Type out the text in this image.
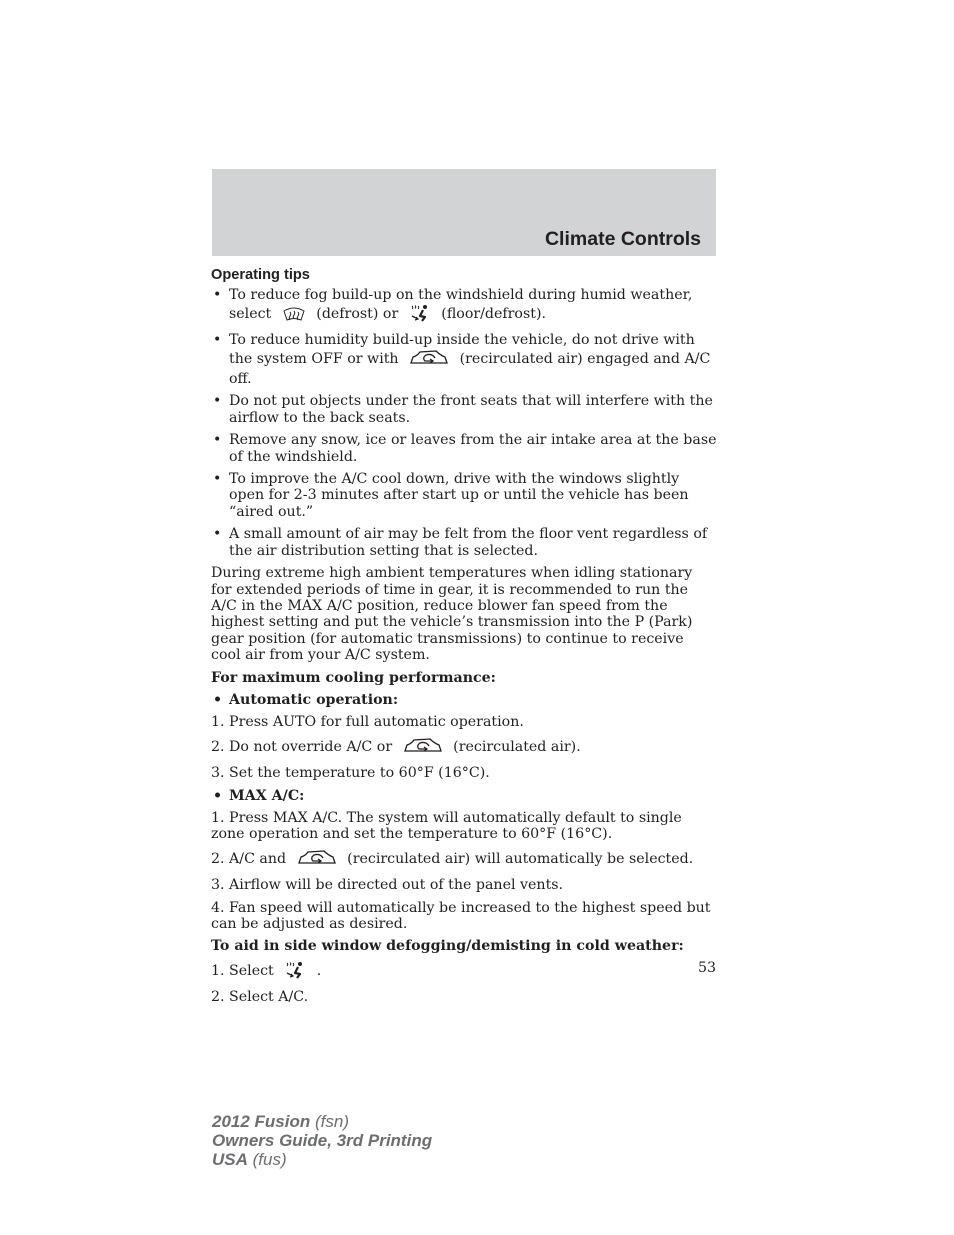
Climate Controls
Operating tips
• To reduce fog build-up on the windshield during humid weather, select	(defrost) or	(floor/defrost).
• To reduce humidity build-up inside the vehicle, do not drive with the system OFF or with	(recirculated air) engaged and A/C off.
• Do not put objects under the front seats that will interfere with the airflow to the back seats.
• Remove any snow, ice or leaves from the air intake area at the base of the windshield.
• To improve the A/C cool down, drive with the windows slightly open for 2-3 minutes after start up or until the vehicle has been “aired out.”
• A small amount of air may be felt from the floor vent regardless of the air distribution setting that is selected.

During extreme high ambient temperatures when idling stationary for extended periods of time in gear, it is recommended to run the A/C in the MAX A/C position, reduce blower fan speed from the highest setting and put the vehicle’s transmission into the P (Park) gear position (for automatic transmissions) to continue to receive cool air from your A/C system.

For maximum cooling performance:

• Automatic operation:

1. Press AUTO for full automatic operation.

2. Do not override A/C or	(recirculated air).

3. Set the temperature to 60°F (16°C).

• MAX A/C:

1. Press MAX A/C. The system will automatically default to single zone operation and set the temperature to 60°F (16°C).

2. A/C and	(recirculated air) will automatically be selected.

3. Airflow will be directed out of the panel vents.

4. Fan speed will automatically be increased to the highest speed but can be adjusted as desired.

To aid in side window defogging/demisting in cold weather:

1. Select	.

2. Select A/C.

53
2012 Fusion (fsn)
Owners Guide, 3rd Printing
USA (fus)
